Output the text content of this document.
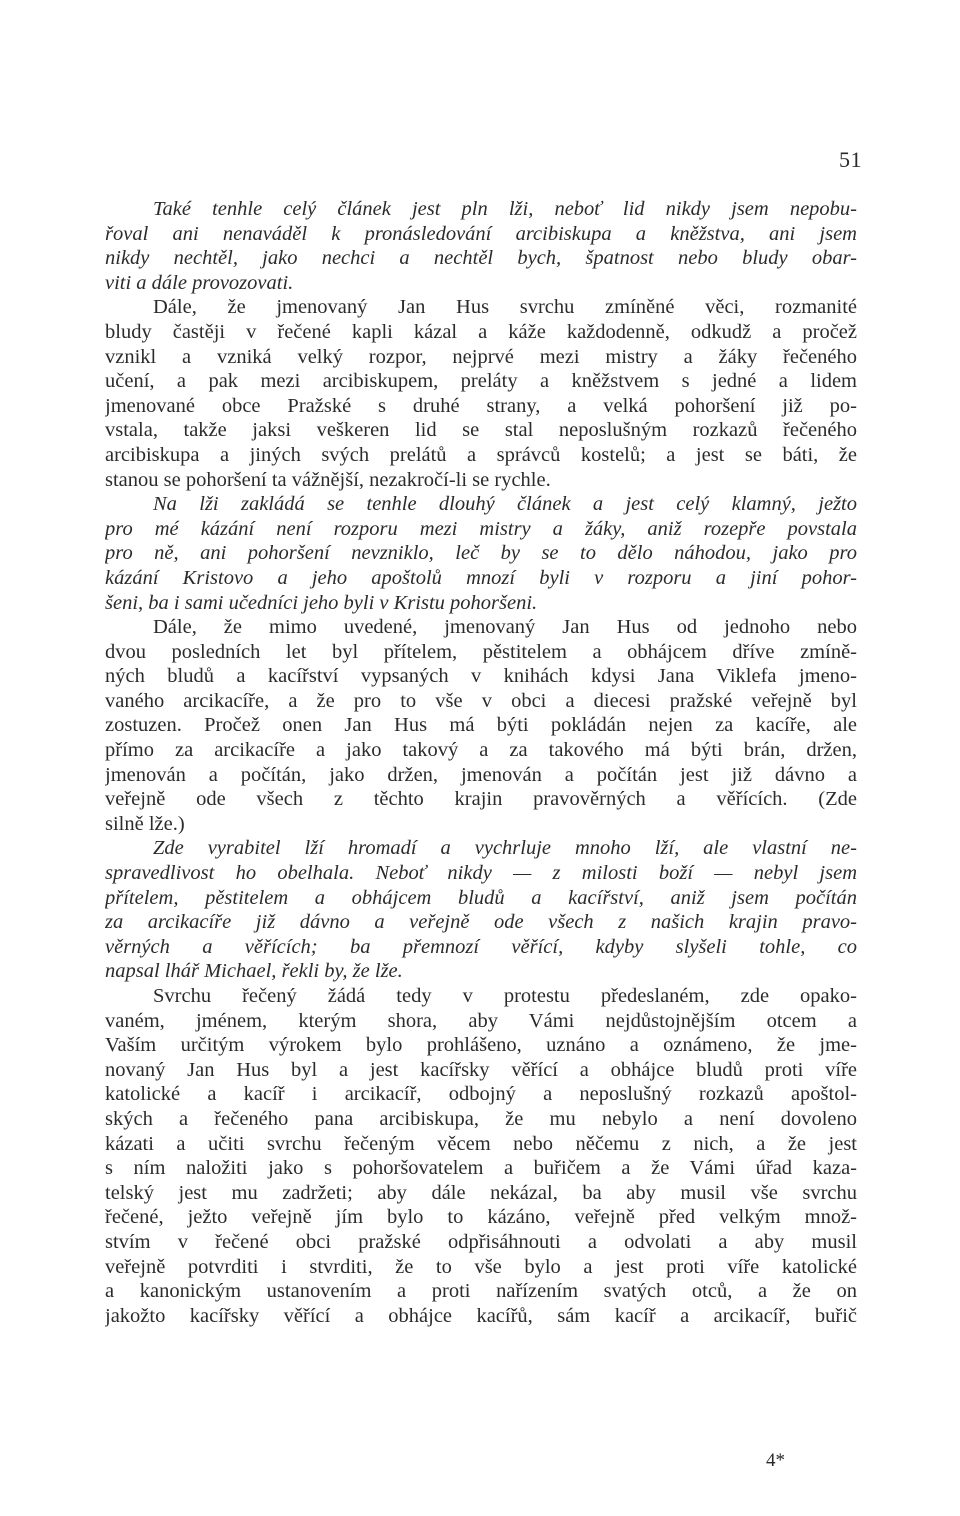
51
Také tenhle celý článek jest pln lži, neboť lid nikdy jsem nepobu-
řoval ani nenaváděl k pronásledování arcibiskupa a kněžstva, ani jsem
nikdy nechtěl, jako nechci a nechtěl bych, špatnost nebo bludy obar-
viti a dále provozovati.
Dále, že jmenovaný Jan Hus svrchu zmíněné věci, rozmanité
bludy častěji v řečené kapli kázal a káže každodenně, odkudž a pročež
vznikl a vzniká velký rozpor, nejprvé mezi mistry a žáky řečeného
učení, a pak mezi arcibiskupem, preláty a kněžstvem s jedné a lidem
jmenované obce Pražské s druhé strany, a velká pohoršení již po-
vstala, takže jaksi veškeren lid se stal neposlušným rozkazů řečeného
arcibiskupa a jiných svých prelátů a správců kostelů; a jest se báti, že
stanou se pohoršení ta vážnější, nezakročí-li se rychle.
Na lži zakládá se tenhle dlouhý článek a jest celý klamný, ježto
pro mé kázání není rozporu mezi mistry a žáky, aniž rozepře povstala
pro ně, ani pohoršení nevzniklo, leč by se to dělo náhodou, jako pro
kázání Kristovo a jeho apoštolů mnozí byli v rozporu a jiní pohor-
šeni, ba i sami učedníci jeho byli v Kristu pohoršeni.
Dále, že mimo uvedené, jmenovaný Jan Hus od jednoho nebo
dvou posledních let byl přítelem, pěstitelem a obhájcem dříve zmíně-
ných bludů a kacířství vypsaných v knihách kdysi Jana Viklefa jmeno-
vaného arcikacíře, a že pro to vše v obci a diecesi pražské veřejně byl
zostuzen. Pročež onen Jan Hus má býti pokládán nejen za kacíře, ale
přímo za arcikacíře a jako takový a za takového má býti brán, držen,
jmenován a počítán, jako držen, jmenován a počítán jest již dávno a
veřejně ode všech z těchto krajin pravověrných a věřících. (Zde
silně lže.)
Zde vyrabitel lží hromadí a vychrluje mnoho lží, ale vlastní ne-
spravedlivost ho obelhala. Neboť nikdy — z milosti boží — nebyl jsem
přítelem, pěstitelem a obhájcem bludů a kacířství, aniž jsem počítán
za arcikacíře již dávno a veřejně ode všech z našich krajin pravo-
věrných a věřících; ba přemnozí věřící, kdyby slyšeli tohle, co
napsal lhář Michael, řekli by, že lže.
Svrchu řečený žádá tedy v protestu předeslaném, zde opako-
vaném, jménem, kterým shora, aby Vámi nejdůstojnějším otcem a
Vaším určitým výrokem bylo prohlášeno, uznáno a oznámeno, že jme-
novaný Jan Hus byl a jest kacířsky věřící a obhájce bludů proti víře
katolické a kacíř i arcikacíř, odbojný a neposlušný rozkazů apoštol-
ských a řečeného pana arcibiskupa, že mu nebylo a není dovoleno
kázati a učiti svrchu řečeným věcem nebo něčemu z nich, a že jest
s ním naložiti jako s pohoršovatelem a buřičem a že Vámi úřad kaza-
telský jest mu zadržeti; aby dále nekázal, ba aby musil vše svrchu
řečené, ježto veřejně jím bylo to kázáno, veřejně před velkým množ-
stvím v řečené obci pražské odpřisáhnouti a odvolati a aby musil
veřejně potvrditi i stvrditi, že to vše bylo a jest proti víře katolické
a kanonickým ustanovením a proti nařízením svatých otců, a že on
jakožto kacířsky věřící a obhájce kacířů, sám kacíř a arcikacíř, buřič
4*
